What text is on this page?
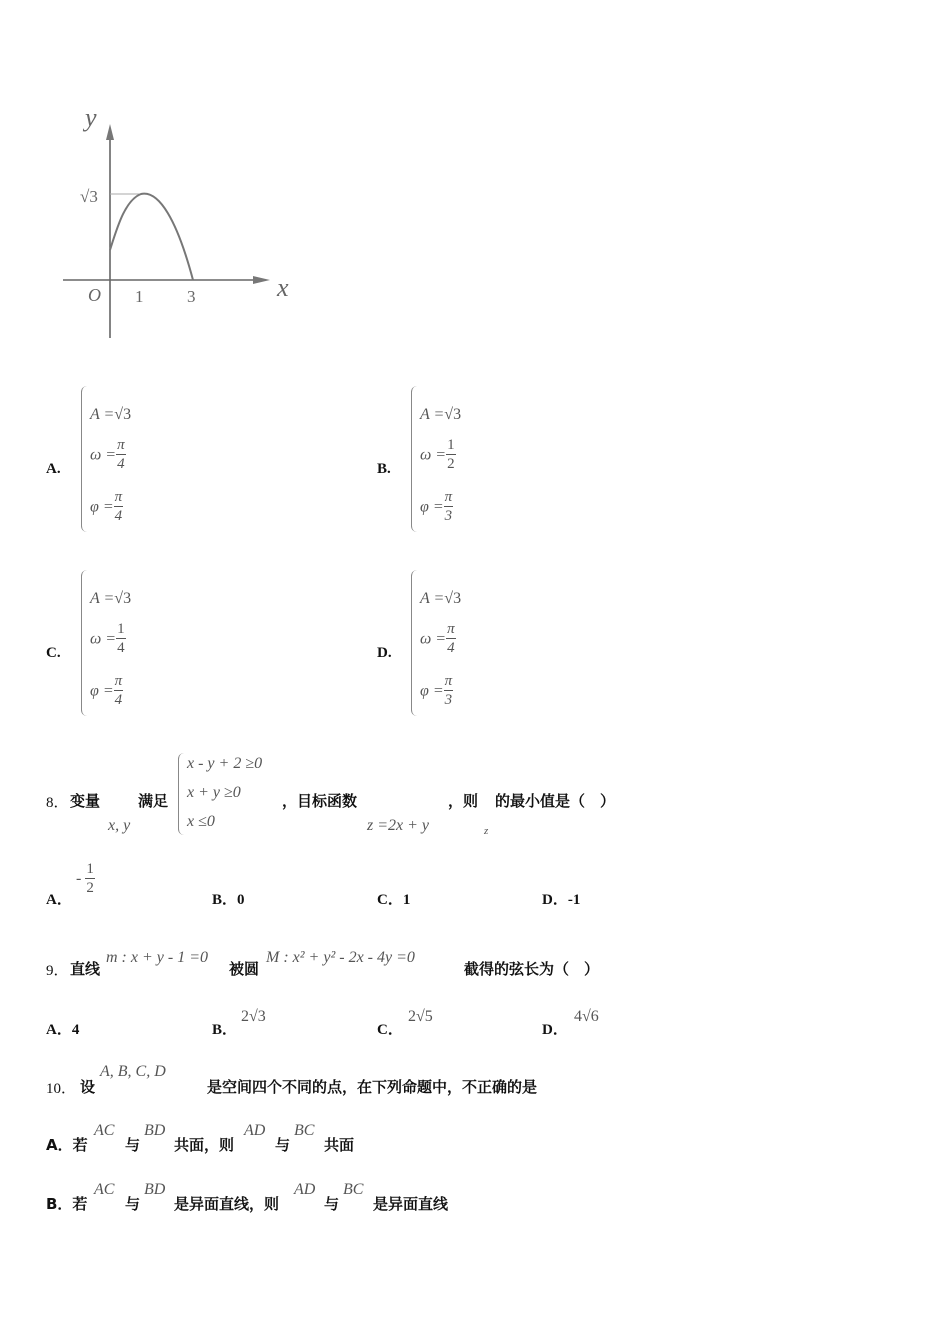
y
x
O 1	3
√3
A.
A =√3
$\omega = \frac{\pi}{4}$
$\varphi = \frac{\pi}{4}$
B.
A =√3
$\omega = \frac{1}{2}$
$\varphi = \frac{\pi}{3}$
C.
A =√3
$\omega = \frac{1}{4}$
$\varphi = \frac{\pi}{4}$
D.
A =√3
$\omega = \frac{\pi}{4}$
$\varphi = \frac{\pi}{3}$
8． 变量
x, y
满足
x - y + 2 ≥0
x + y ≥0
x ≤0
，目标函数
z =2x + y
，则
z
的最小值是（　）
A．
- $\frac{1}{2}$
B．0	C．1	D．-1
9． 直线
m : x + y - 1 =0
被圆
M : x² + y² - 2x - 4y =0
截得的弦长为（　）
A．4	B．
2√3
C．
2√5
D．
4√6
10． 设
A, B, C, D
是空间四个不同的点，在下列命题中，不正确的是
A．若
AC
与
BD
共面，则
AD
与
BC
共面
B．若
AC
与
BD
是异面直线，则
AD
与
BC
是异面直线
